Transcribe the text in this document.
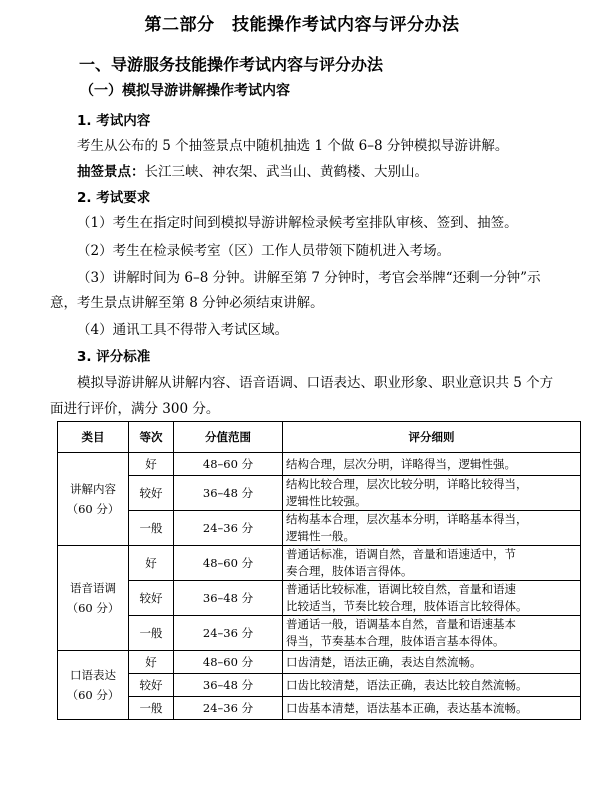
第二部分　技能操作考试内容与评分办法
一、导游服务技能操作考试内容与评分办法
（一）模拟导游讲解操作考试内容
1. 考试内容
考生从公布的 5 个抽签景点中随机抽选 1 个做 6–8 分钟模拟导游讲解。
抽签景点：长江三峡、神农架、武当山、黄鹤楼、大别山。
2. 考试要求
（1）考生在指定时间到模拟导游讲解检录候考室排队审核、签到、抽签。
（2）考生在检录候考室（区）工作人员带领下随机进入考场。
（3）讲解时间为 6–8 分钟。讲解至第 7 分钟时，考官会举牌“还剩一分钟”示
意，考生景点讲解至第 8 分钟必须结束讲解。
（4）通讯工具不得带入考试区域。
3. 评分标准
模拟导游讲解从讲解内容、语音语调、口语表达、职业形象、职业意识共 5 个方
面进行评价，满分 300 分。
类目	等次	分值范围	评分细则
讲解内容
（60 分）	好	48–60 分	结构合理，层次分明，详略得当，逻辑性强。
	较好	36–48 分	结构比较合理，层次比较分明，详略比较得当，
逻辑性比较强。
	一般	24–36 分	结构基本合理，层次基本分明，详略基本得当，
逻辑性一般。
语音语调
（60 分）	好	48–60 分	普通话标准，语调自然，音量和语速适中，节
奏合理，肢体语言得体。
	较好	36–48 分	普通话比较标准，语调比较自然，音量和语速
比较适当，节奏比较合理，肢体语言比较得体。
	一般	24–36 分	普通话一般，语调基本自然，音量和语速基本
得当，节奏基本合理，肢体语言基本得体。
口语表达
（60 分）	好	48–60 分	口齿清楚，语法正确，表达自然流畅。
	较好	36–48 分	口齿比较清楚，语法正确，表达比较自然流畅。
	一般	24–36 分	口齿基本清楚，语法基本正确，表达基本流畅。
